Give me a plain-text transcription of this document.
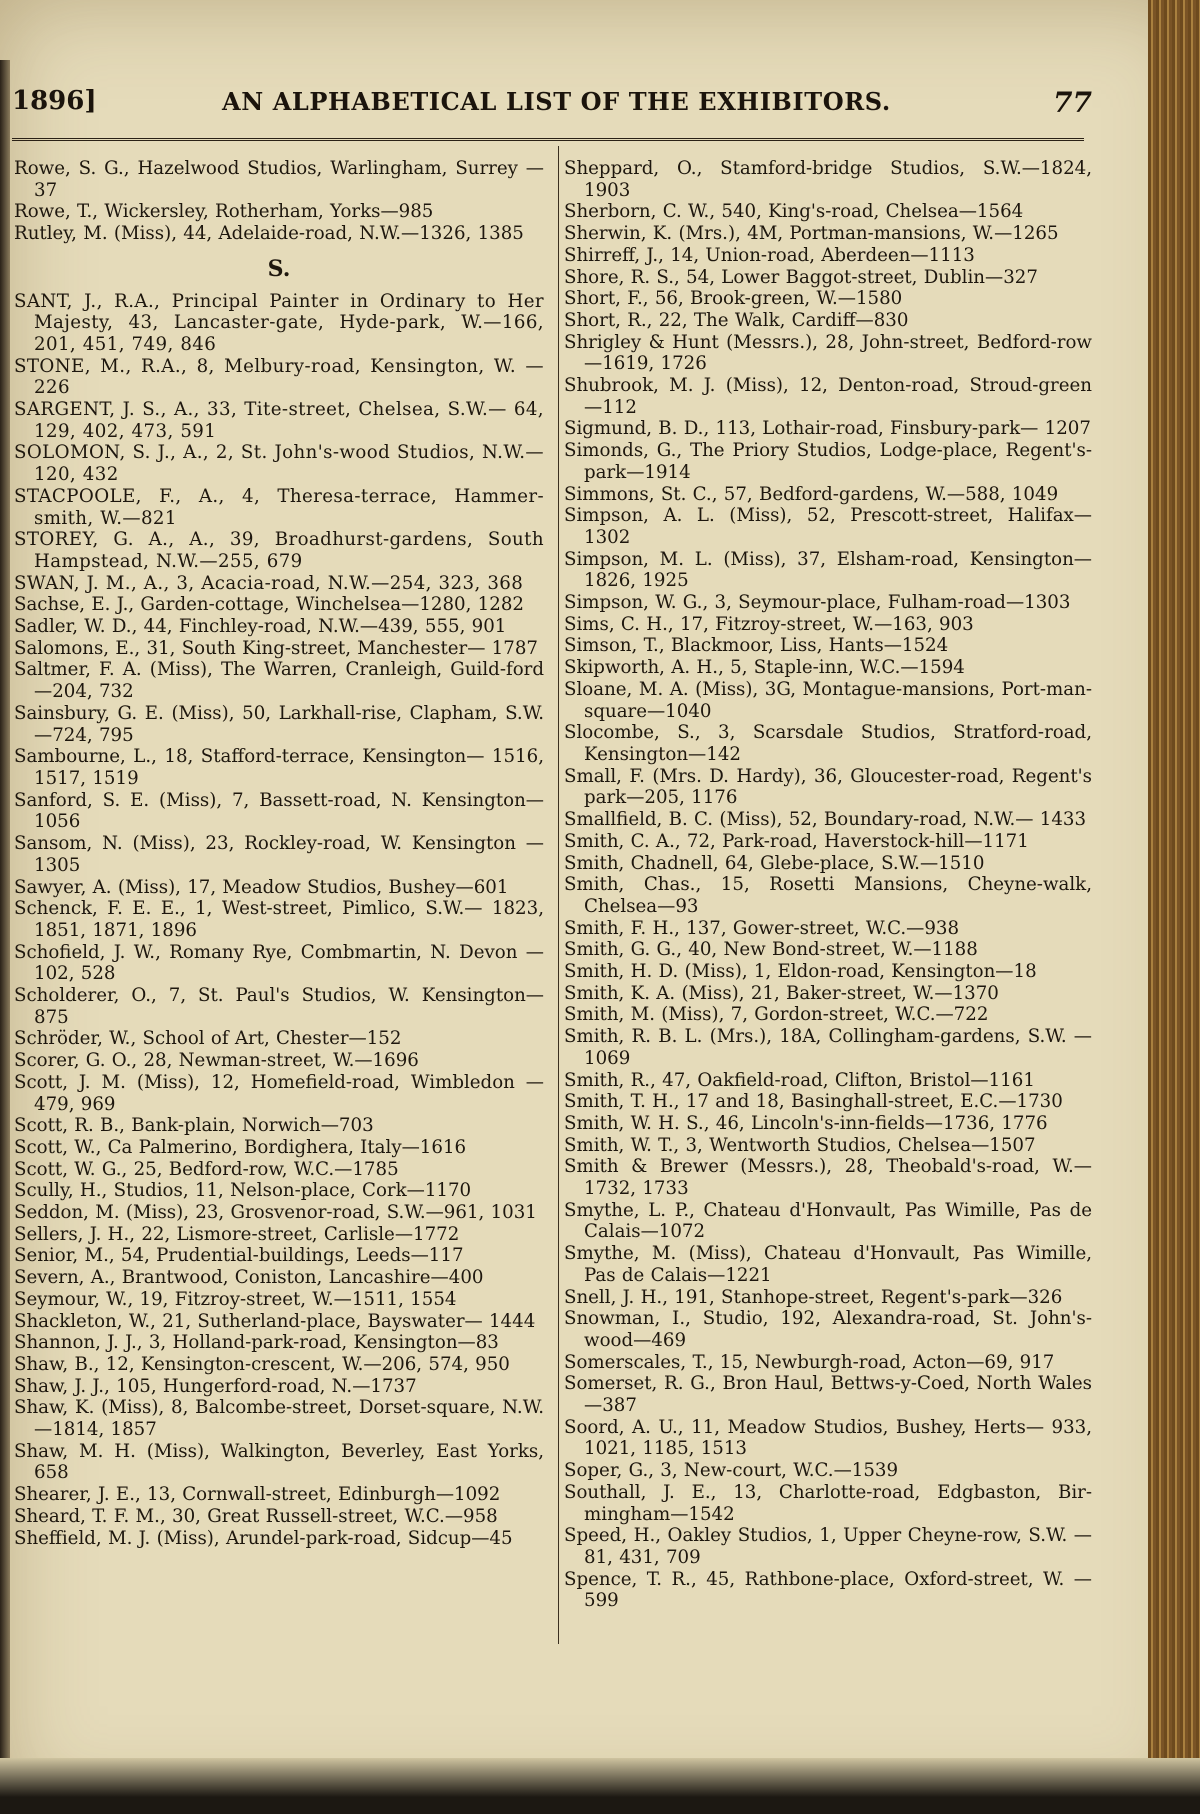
1896]	AN ALPHABETICAL LIST OF THE EXHIBITORS.	77

Rowe, S. G., Hazelwood Studios, Warlingham, Surrey —37

Rowe, T., Wickersley, Rotherham, Yorks—985

Rutley, M. (Miss), 44, Adelaide-road, N.W.—1326, 1385

S.

SANT, J., R.A., Principal Painter in Ordinary to Her Majesty, 43, Lancaster-gate, Hyde-park, W.—166, 201, 451, 749, 846

STONE, M., R.A., 8, Melbury-road, Kensington, W. —226

SARGENT, J. S., A., 33, Tite-street, Chelsea, S.W.— 64, 129, 402, 473, 591

SOLOMON, S. J., A., 2, St. John's-wood Studios, N.W.—120, 432

STACPOOLE, F., A., 4, Theresa-terrace, Hammer-smith, W.—821

STOREY, G. A., A., 39, Broadhurst-gardens, South Hampstead, N.W.—255, 679

SWAN, J. M., A., 3, Acacia-road, N.W.—254, 323, 368

Sachse, E. J., Garden-cottage, Winchelsea—1280, 1282

Sadler, W. D., 44, Finchley-road, N.W.—439, 555, 901

Salomons, E., 31, South King-street, Manchester— 1787

Saltmer, F. A. (Miss), The Warren, Cranleigh, Guild-ford—204, 732

Sainsbury, G. E. (Miss), 50, Larkhall-rise, Clapham, S.W.—724, 795

Sambourne, L., 18, Stafford-terrace, Kensington— 1516, 1517, 1519

Sanford, S. E. (Miss), 7, Bassett-road, N. Kensington— 1056

Sansom, N. (Miss), 23, Rockley-road, W. Kensington —1305

Sawyer, A. (Miss), 17, Meadow Studios, Bushey—601

Schenck, F. E. E., 1, West-street, Pimlico, S.W.— 1823, 1851, 1871, 1896

Schofield, J. W., Romany Rye, Combmartin, N. Devon —102, 528

Scholderer, O., 7, St. Paul's Studios, W. Kensington— 875

Schröder, W., School of Art, Chester—152

Scorer, G. O., 28, Newman-street, W.—1696

Scott, J. M. (Miss), 12, Homefield-road, Wimbledon —479, 969

Scott, R. B., Bank-plain, Norwich—703

Scott, W., Ca Palmerino, Bordighera, Italy—1616

Scott, W. G., 25, Bedford-row, W.C.—1785

Scully, H., Studios, 11, Nelson-place, Cork—1170

Seddon, M. (Miss), 23, Grosvenor-road, S.W.—961, 1031

Sellers, J. H., 22, Lismore-street, Carlisle—1772

Senior, M., 54, Prudential-buildings, Leeds—117

Severn, A., Brantwood, Coniston, Lancashire—400

Seymour, W., 19, Fitzroy-street, W.—1511, 1554

Shackleton, W., 21, Sutherland-place, Bayswater— 1444

Shannon, J. J., 3, Holland-park-road, Kensington—83

Shaw, B., 12, Kensington-crescent, W.—206, 574, 950

Shaw, J. J., 105, Hungerford-road, N.—1737

Shaw, K. (Miss), 8, Balcombe-street, Dorset-square, N.W.—1814, 1857

Shaw, M. H. (Miss), Walkington, Beverley, East Yorks, 658

Shearer, J. E., 13, Cornwall-street, Edinburgh—1092

Sheard, T. F. M., 30, Great Russell-street, W.C.—958

Sheffield, M. J. (Miss), Arundel-park-road, Sidcup—45

Sheppard, O., Stamford-bridge Studios, S.W.—1824, 1903

Sherborn, C. W., 540, King's-road, Chelsea—1564

Sherwin, K. (Mrs.), 4M, Portman-mansions, W.—1265

Shirreff, J., 14, Union-road, Aberdeen—1113

Shore, R. S., 54, Lower Baggot-street, Dublin—327

Short, F., 56, Brook-green, W.—1580

Short, R., 22, The Walk, Cardiff—830

Shrigley & Hunt (Messrs.), 28, John-street, Bedford-row—1619, 1726

Shubrook, M. J. (Miss), 12, Denton-road, Stroud-green —112

Sigmund, B. D., 113, Lothair-road, Finsbury-park— 1207

Simonds, G., The Priory Studios, Lodge-place, Regent's-park—1914

Simmons, St. C., 57, Bedford-gardens, W.—588, 1049

Simpson, A. L. (Miss), 52, Prescott-street, Halifax— 1302

Simpson, M. L. (Miss), 37, Elsham-road, Kensington— 1826, 1925

Simpson, W. G., 3, Seymour-place, Fulham-road—1303

Sims, C. H., 17, Fitzroy-street, W.—163, 903

Simson, T., Blackmoor, Liss, Hants—1524

Skipworth, A. H., 5, Staple-inn, W.C.—1594

Sloane, M. A. (Miss), 3G, Montague-mansions, Port-man-square—1040

Slocombe, S., 3, Scarsdale Studios, Stratford-road, Kensington—142

Small, F. (Mrs. D. Hardy), 36, Gloucester-road, Regent's park—205, 1176

Smallfield, B. C. (Miss), 52, Boundary-road, N.W.— 1433

Smith, C. A., 72, Park-road, Haverstock-hill—1171

Smith, Chadnell, 64, Glebe-place, S.W.—1510

Smith, Chas., 15, Rosetti Mansions, Cheyne-walk, Chelsea—93

Smith, F. H., 137, Gower-street, W.C.—938

Smith, G. G., 40, New Bond-street, W.—1188

Smith, H. D. (Miss), 1, Eldon-road, Kensington—18

Smith, K. A. (Miss), 21, Baker-street, W.—1370

Smith, M. (Miss), 7, Gordon-street, W.C.—722

Smith, R. B. L. (Mrs.), 18A, Collingham-gardens, S.W. —1069

Smith, R., 47, Oakfield-road, Clifton, Bristol—1161

Smith, T. H., 17 and 18, Basinghall-street, E.C.—1730

Smith, W. H. S., 46, Lincoln's-inn-fields—1736, 1776

Smith, W. T., 3, Wentworth Studios, Chelsea—1507

Smith & Brewer (Messrs.), 28, Theobald's-road, W.— 1732, 1733

Smythe, L. P., Chateau d'Honvault, Pas Wimille, Pas de Calais—1072

Smythe, M. (Miss), Chateau d'Honvault, Pas Wimille, Pas de Calais—1221

Snell, J. H., 191, Stanhope-street, Regent's-park—326

Snowman, I., Studio, 192, Alexandra-road, St. John's-wood—469

Somerscales, T., 15, Newburgh-road, Acton—69, 917

Somerset, R. G., Bron Haul, Bettws-y-Coed, North Wales—387

Soord, A. U., 11, Meadow Studios, Bushey, Herts— 933, 1021, 1185, 1513

Soper, G., 3, New-court, W.C.—1539

Southall, J. E., 13, Charlotte-road, Edgbaston, Bir-mingham—1542

Speed, H., Oakley Studios, 1, Upper Cheyne-row, S.W. —81, 431, 709

Spence, T. R., 45, Rathbone-place, Oxford-street, W. —599
